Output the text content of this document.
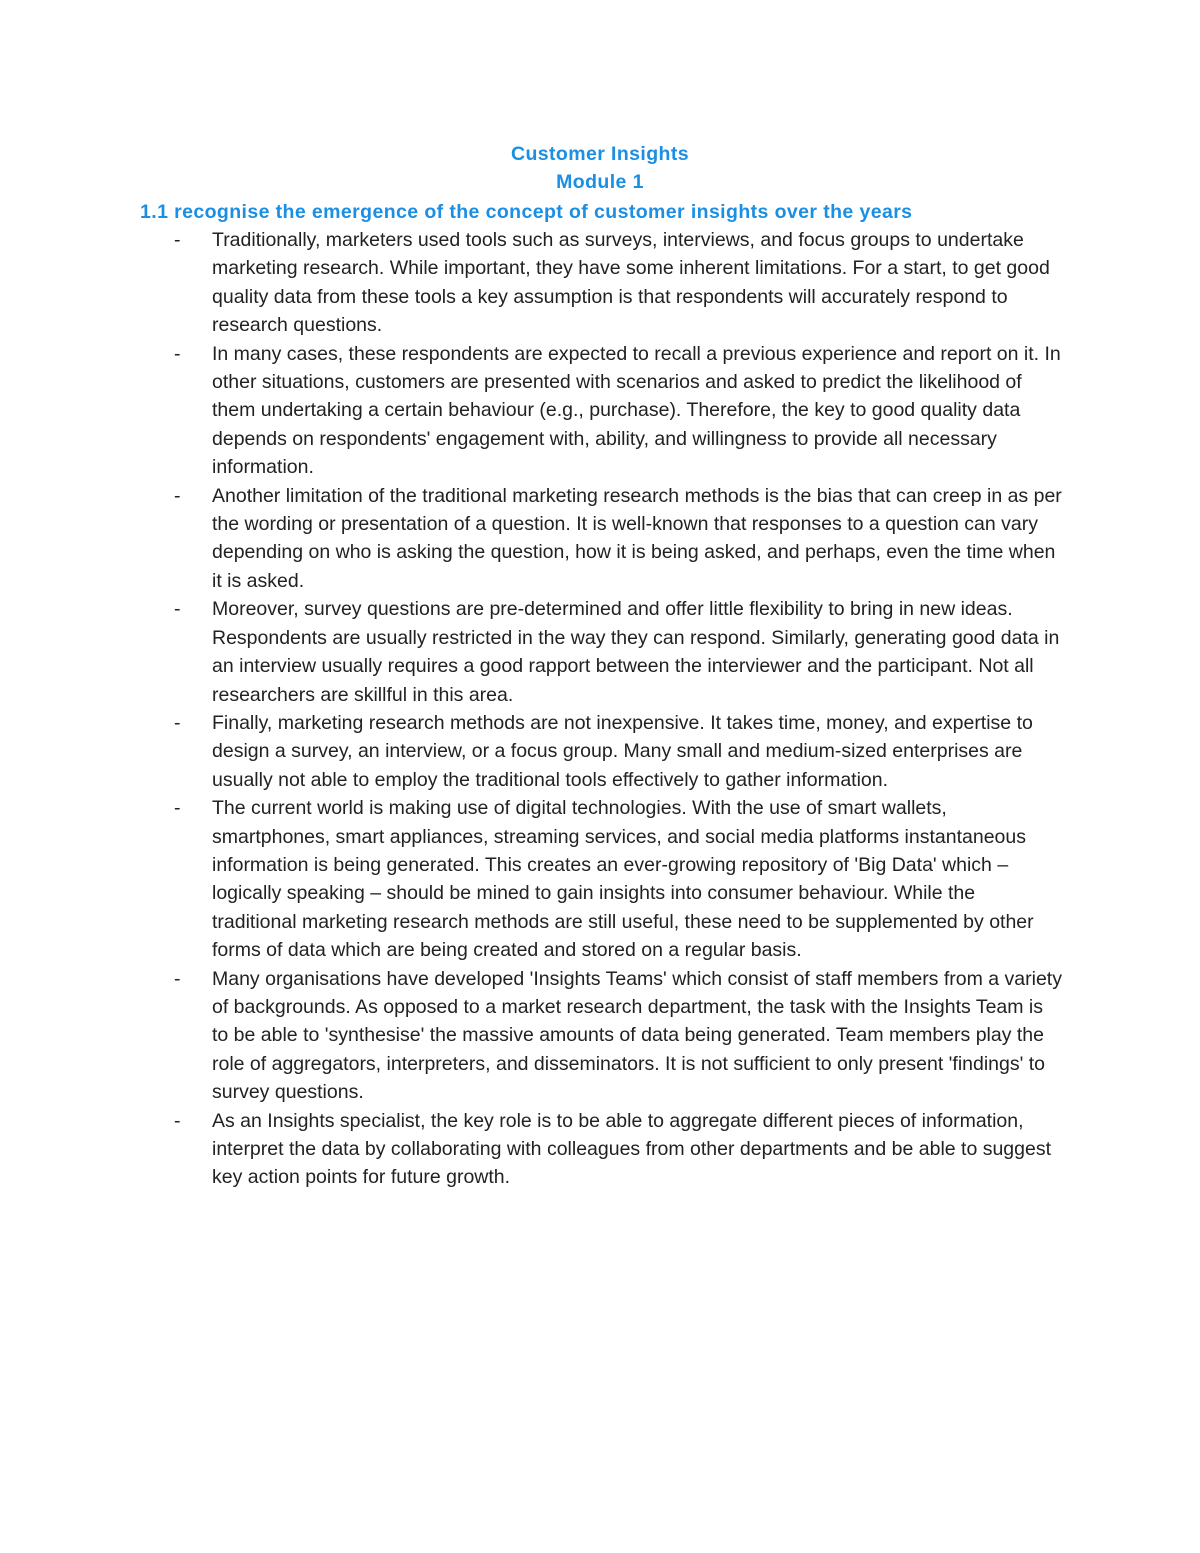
Customer Insights
Module 1
1.1 recognise the emergence of the concept of customer insights over the years
- Traditionally, marketers used tools such as surveys, interviews, and focus groups to undertake marketing research. While important, they have some inherent limitations. For a start, to get good quality data from these tools a key assumption is that respondents will accurately respond to research questions.
- In many cases, these respondents are expected to recall a previous experience and report on it. In other situations, customers are presented with scenarios and asked to predict the likelihood of them undertaking a certain behaviour (e.g., purchase). Therefore, the key to good quality data depends on respondents' engagement with, ability, and willingness to provide all necessary information.
- Another limitation of the traditional marketing research methods is the bias that can creep in as per the wording or presentation of a question. It is well-known that responses to a question can vary depending on who is asking the question, how it is being asked, and perhaps, even the time when it is asked.
- Moreover, survey questions are pre-determined and offer little flexibility to bring in new ideas. Respondents are usually restricted in the way they can respond. Similarly, generating good data in an interview usually requires a good rapport between the interviewer and the participant. Not all researchers are skillful in this area.
- Finally, marketing research methods are not inexpensive. It takes time, money, and expertise to design a survey, an interview, or a focus group. Many small and medium-sized enterprises are usually not able to employ the traditional tools effectively to gather information.
- The current world is making use of digital technologies. With the use of smart wallets, smartphones, smart appliances, streaming services, and social media platforms instantaneous information is being generated. This creates an ever-growing repository of 'Big Data' which – logically speaking – should be mined to gain insights into consumer behaviour. While the traditional marketing research methods are still useful, these need to be supplemented by other forms of data which are being created and stored on a regular basis.
- Many organisations have developed 'Insights Teams' which consist of staff members from a variety of backgrounds. As opposed to a market research department, the task with the Insights Team is to be able to 'synthesise' the massive amounts of data being generated. Team members play the role of aggregators, interpreters, and disseminators. It is not sufficient to only present 'findings' to survey questions.
- As an Insights specialist, the key role is to be able to aggregate different pieces of information, interpret the data by collaborating with colleagues from other departments and be able to suggest key action points for future growth.
